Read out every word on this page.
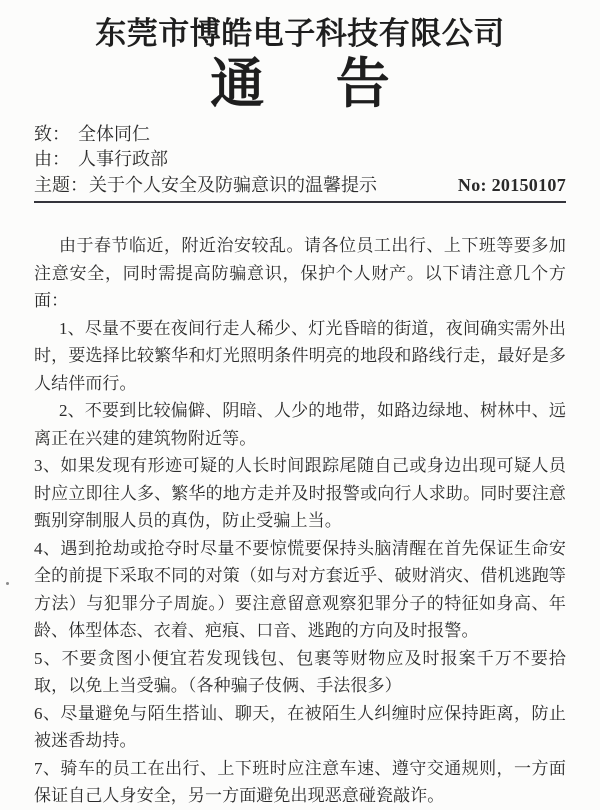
东莞市博皓电子科技有限公司
通 告
致： 全体同仁
由： 人事行政部
主题： 关于个人安全及防骗意识的温馨提示	No: 20150107
由于春节临近，附近治安较乱。请各位员工出行、上下班等要多加注意安全，同时需提高防骗意识，保护个人财产。以下请注意几个方面：
1、尽量不要在夜间行走人稀少、灯光昏暗的街道，夜间确实需外出时，要选择比较繁华和灯光照明条件明亮的地段和路线行走，最好是多人结伴而行。
2、不要到比较偏僻、阴暗、人少的地带，如路边绿地、树林中、远离正在兴建的建筑物附近等。
3、如果发现有形迹可疑的人长时间跟踪尾随自己或身边出现可疑人员时应立即往人多、繁华的地方走并及时报警或向行人求助。同时要注意甄别穿制服人员的真伪，防止受骗上当。
4、遇到抢劫或抢夺时尽量不要惊慌要保持头脑清醒在首先保证生命安全的前提下采取不同的对策（如与对方套近乎、破财消灾、借机逃跑等方法）与犯罪分子周旋。）要注意留意观察犯罪分子的特征如身高、年龄、体型体态、衣着、疤痕、口音、逃跑的方向及时报警。
5、不要贪图小便宜若发现钱包、包裹等财物应及时报案千万不要拾取，以免上当受骗。（各种骗子伎俩、手法很多）
6、尽量避免与陌生搭讪、聊天，在被陌生人纠缠时应保持距离，防止被迷香劫持。
7、骑车的员工在出行、上下班时应注意车速、遵守交通规则，一方面保证自己人身安全，另一方面避免出现恶意碰瓷敲诈。
